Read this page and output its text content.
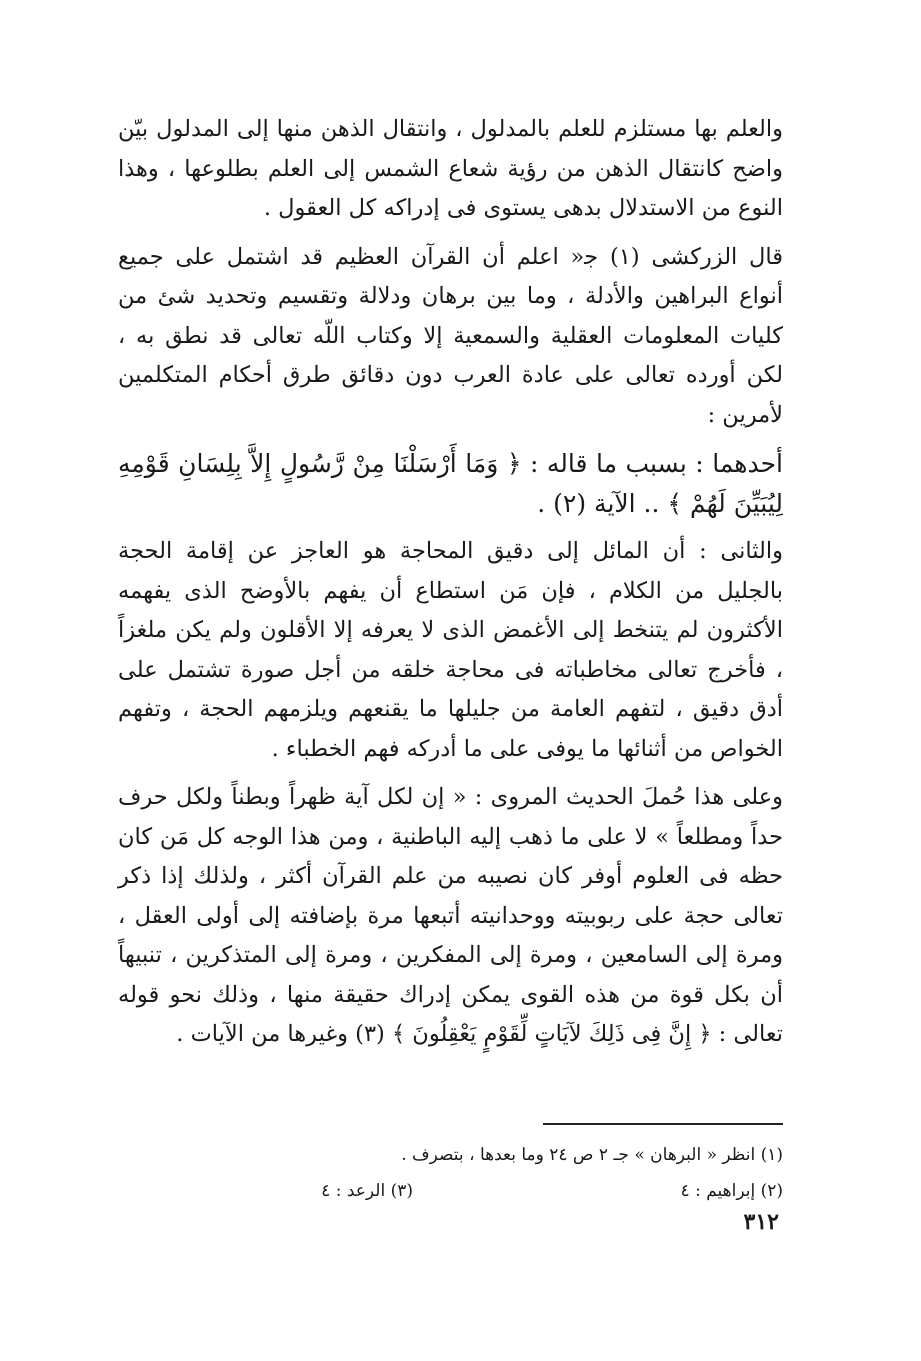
والعلم بها مستلزم للعلم بالمدلول ، وانتقال الذهن منها إلى المدلول بيّن واضح كانتقال الذهن من رؤية شعاع الشمس إلى العلم بطلوعها ، وهذا النوع من الاستدلال بدهى يستوى فى إدراكه كل العقول .

قال الزركشى (١) ﺟ« اعلم أن القرآن العظيم قد اشتمل على جميع أنواع البراهين والأدلة ، وما بين برهان ودلالة وتقسيم وتحديد شئ من كليات المعلومات العقلية والسمعية إلا وكتاب اللّه تعالى قد نطق به ، لكن أورده تعالى على عادة العرب دون دقائق طرق أحكام المتكلمين لأمرين :

أحدهما : بسبب ما قاله : ﴿ وَمَا أَرْسَلْنَا مِنْ رَّسُولٍ إِلاَّ بِلِسَانِ قَوْمِهِ لِيُبَيِّنَ لَهُمْ ﴾ .. الآية (٢) .

والثانى : أن المائل إلى دقيق المحاجة هو العاجز عن إقامة الحجة بالجليل من الكلام ، فإن مَن استطاع أن يفهم بالأوضح الذى يفهمه الأكثرون لم يتنخط إلى الأغمض الذى لا يعرفه إلا الأقلون ولم يكن ملغزاً ، فأخرج تعالى مخاطباته فى محاجة خلقه من أجل صورة تشتمل على أدق دقيق ، لتفهم العامة من جليلها ما يقنعهم ويلزمهم الحجة ، وتفهم الخواص من أثنائها ما يوفى على ما أدركه فهم الخطباء .

وعلى هذا حُملَ الحديث المروى : « إن لكل آية ظهراً وبطناً ولكل حرف حداً ومطلعاً » لا على ما ذهب إليه الباطنية ، ومن هذا الوجه كل مَن كان حظه فى العلوم أوفر كان نصيبه من علم القرآن أكثر ، ولذلك إذا ذكر تعالى حجة على ربوبيته ووحدانيته أتبعها مرة بإضافته إلى أولى العقل ، ومرة إلى السامعين ، ومرة إلى المفكرين ، ومرة إلى المتذكرين ، تنبيهاً أن بكل قوة من هذه القوى يمكن إدراك حقيقة منها ، وذلك نحو قوله تعالى : ﴿ إِنَّ فِى ذَلِكَ لآيَاتٍ لِّقَوْمٍ يَعْقِلُونَ ﴾ (٣) وغيرها من الآيات .

(١) انظر « البرهان » جـ ٢ ص ٢٤ وما بعدها ، بتصرف .
(٢) إبراهيم : ٤
(٣) الرعد : ٤
٣١٢
